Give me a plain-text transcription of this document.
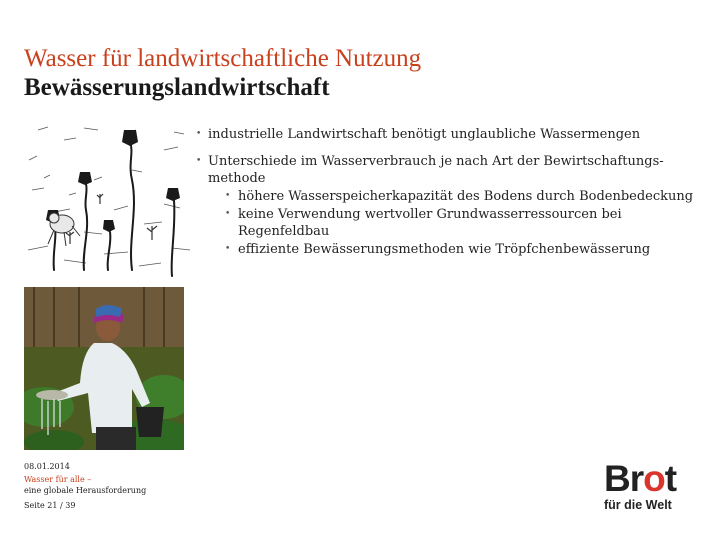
Wasser für landwirtschaftliche Nutzung
Bewässerungslandwirtschaft
• industrielle Landwirtschaft benötigt unglaubliche Wassermengen
• Unterschiede im Wasserverbrauch je nach Art der Bewirtschaftungs-methode
• höhere Wasserspeicherkapazität des Bodens durch Bodenbedeckung
• keine Verwendung wertvoller Grundwasserressourcen bei Regenfeldbau
• effiziente Bewässerungsmethoden wie Tröpfchenbewässerung
08.01.2014
Wasser für alle –
eine globale Herausforderung
Seite 21 / 39
Brot
für die Welt
